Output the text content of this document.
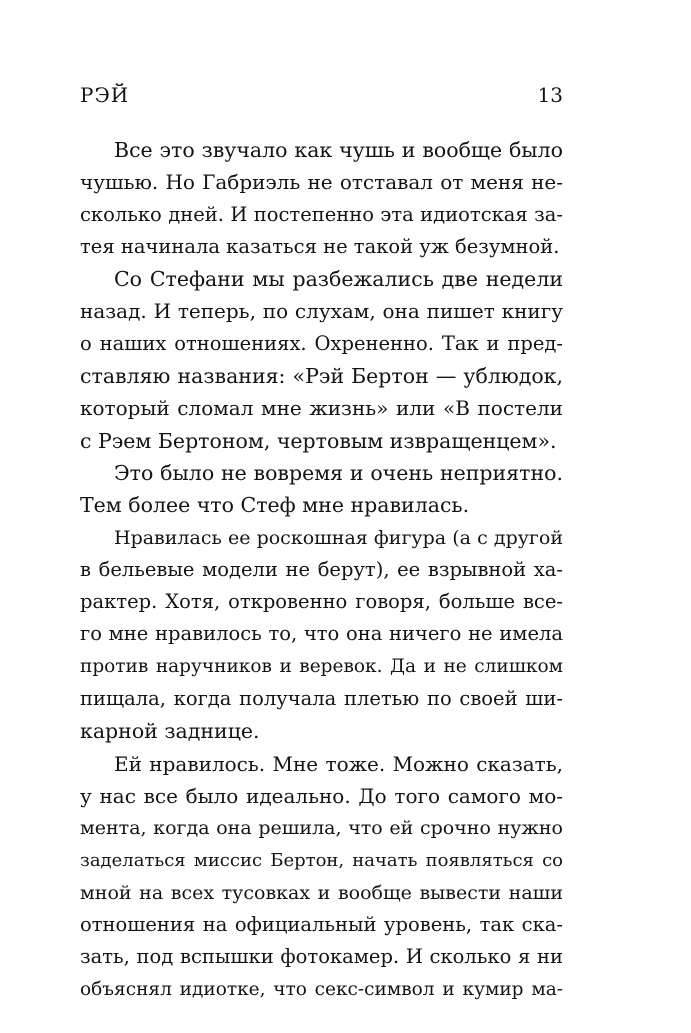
РЭЙ	13
Все это звучало как чушь и вообще было
чушью. Но Габриэль не отставал от меня не-
сколько дней. И постепенно эта идиотская за-
тея начинала казаться не такой уж безумной.
Со Стефани мы разбежались две недели
назад. И теперь, по слухам, она пишет книгу
о наших отношениях. Охрененно. Так и пред-
ставляю названия: «Рэй Бертон — ублюдок,
который сломал мне жизнь» или «В постели
с Рэем Бертоном, чертовым извращенцем».
Это было не вовремя и очень неприятно.
Тем более что Стеф мне нравилась.
Нравилась ее роскошная фигура (а с другой
в бельевые модели не берут), ее взрывной ха-
рактер. Хотя, откровенно говоря, больше все-
го мне нравилось то, что она ничего не имела
против наручников и веревок. Да и не слишком
пищала, когда получала плетью по своей ши-
карной заднице.
Ей нравилось. Мне тоже. Можно сказать,
у нас все было идеально. До того самого мо-
мента, когда она решила, что ей срочно нужно
заделаться миссис Бертон, начать появляться со
мной на всех тусовках и вообще вывести наши
отношения на официальный уровень, так ска-
зать, под вспышки фотокамер. И сколько я ни
объяснял идиотке, что секс-символ и кумир ма-
